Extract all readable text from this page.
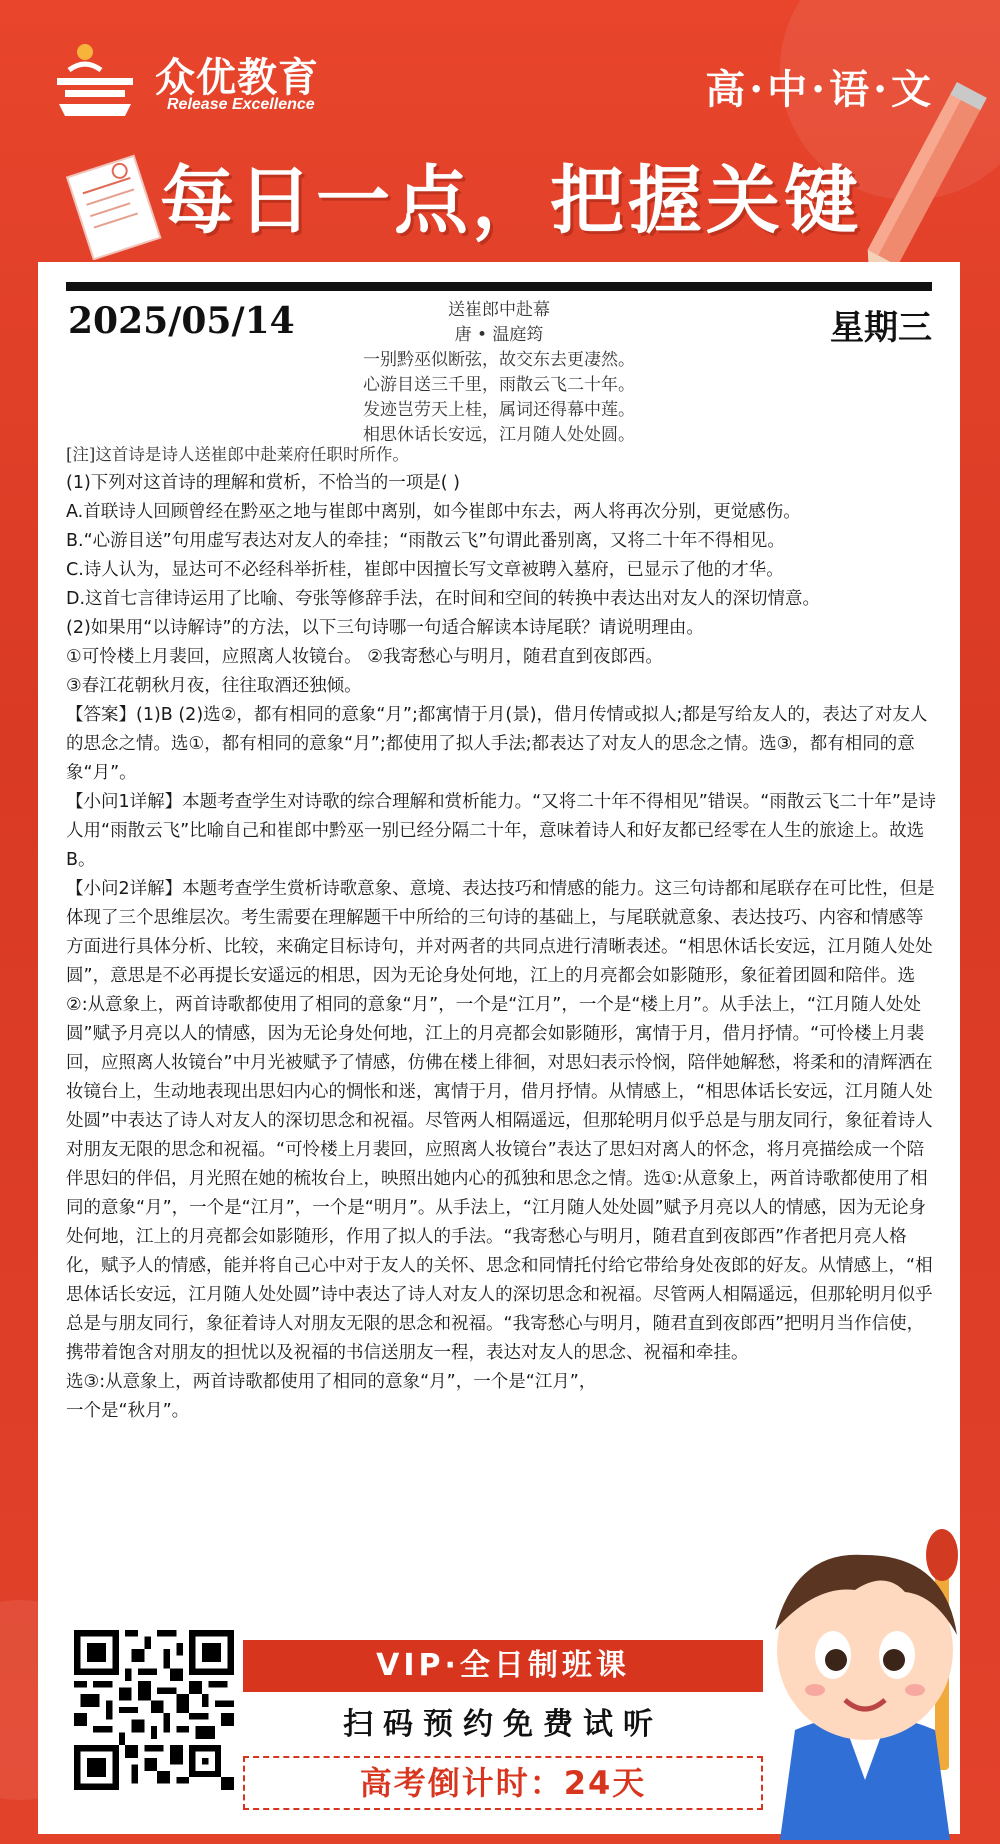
众优教育
Release Excellence	高·中·语·文
每日一点，把握关键
2025/05/14	星期三
送崔郎中赴幕
唐 • 温庭筠
一别黔巫似断弦，故交东去更凄然。
心游目送三千里，雨散云飞二十年。
发迹岂劳天上桂，属词还得幕中莲。
相思休话长安远，江月随人处处圆。

[注]这首诗是诗人送崔郎中赴莱府任职时所作。

(1)下列对这首诗的理解和赏析，不恰当的一项是( )

A.首联诗人回顾曾经在黔巫之地与崔郎中离别，如今崔郎中东去，两人将再次分别，更觉感伤。

B.“心游目送”句用虚写表达对友人的牵挂；“雨散云飞”句谓此番别离，又将二十年不得相见。

C.诗人认为，显达可不必经科举折桂，崔郎中因擅长写文章被聘入墓府，已显示了他的才华。

D.这首七言律诗运用了比喻、夸张等修辞手法，在时间和空间的转换中表达出对友人的深切情意。

(2)如果用“以诗解诗”的方法，以下三句诗哪一句适合解读本诗尾联？请说明理由。

①可怜楼上月裴回，应照离人妆镜台。 ②我寄愁心与明月，随君直到夜郎西。

③春江花朝秋月夜，往往取酒还独倾。

【答案】(1)B (2)选②，都有相同的意象“月”;都寓情于月(景)，借月传情或拟人;都是写给友人的，表达了对友人的思念之情。选①，都有相同的意象“月”;都使用了拟人手法;都表达了对友人的思念之情。选③，都有相同的意象“月”。

【小问1详解】本题考查学生对诗歌的综合理解和赏析能力。“又将二十年不得相见”错误。“雨散云飞二十年”是诗人用“雨散云飞”比喻自己和崔郎中黔巫一别已经分隔二十年，意味着诗人和好友都已经零在人生的旅途上。故选B。

【小问2详解】本题考查学生赏析诗歌意象、意境、表达技巧和情感的能力。这三句诗都和尾联存在可比性，但是体现了三个思维层次。考生需要在理解题干中所给的三句诗的基础上，与尾联就意象、表达技巧、内容和情感等方面进行具体分析、比较，来确定目标诗句，并对两者的共同点进行清晰表述。“相思休话长安远，江月随人处处圆”，意思是不必再提长安遥远的相思，因为无论身处何地，江上的月亮都会如影随形，象征着团圆和陪伴。选②:从意象上，两首诗歌都使用了相同的意象“月”，一个是“江月”，一个是“楼上月”。从手法上，“江月随人处处圆”赋予月亮以人的情感，因为无论身处何地，江上的月亮都会如影随形，寓情于月，借月抒情。“可怜楼上月裴回，应照离人妆镜台”中月光被赋予了情感，仿佛在楼上徘徊，对思妇表示怜悯，陪伴她解愁，将柔和的清辉洒在妆镜台上，生动地表现出思妇内心的惆怅和迷，寓情于月，借月抒情。从情感上，“相思体话长安远，江月随人处处圆”中表达了诗人对友人的深切思念和祝福。尽管两人相隔遥远，但那轮明月似乎总是与朋友同行，象征着诗人对朋友无限的思念和祝福。“可怜楼上月裴回，应照离人妆镜台”表达了思妇对离人的怀念，将月亮描绘成一个陪伴思妇的伴侣，月光照在她的梳妆台上，映照出她内心的孤独和思念之情。选①:从意象上，两首诗歌都使用了相同的意象“月”，一个是“江月”，一个是“明月”。从手法上，“江月随人处处圆”赋予月亮以人的情感，因为无论身处何地，江上的月亮都会如影随形，作用了拟人的手法。“我寄愁心与明月，随君直到夜郎西”作者把月亮人格化，赋予人的情感，能并将自己心中对于友人的关怀、思念和同情托付给它带给身处夜郎的好友。从情感上，“相思体话长安远，江月随人处处圆”诗中表达了诗人对友人的深切思念和祝福。尽管两人相隔遥远，但那轮明月似乎总是与朋友同行，象征着诗人对朋友无限的思念和祝福。“我寄愁心与明月，随君直到夜郎西”把明月当作信使，携带着饱含对朋友的担忧以及祝福的书信送朋友一程，表达对友人的思念、祝福和牵挂。

选③:从意象上，两首诗歌都使用了相同的意象“月”，一个是“江月”，

一个是“秋月”。

VIP·全日制班课
扫码预约免费试听
高考倒计时：24天
